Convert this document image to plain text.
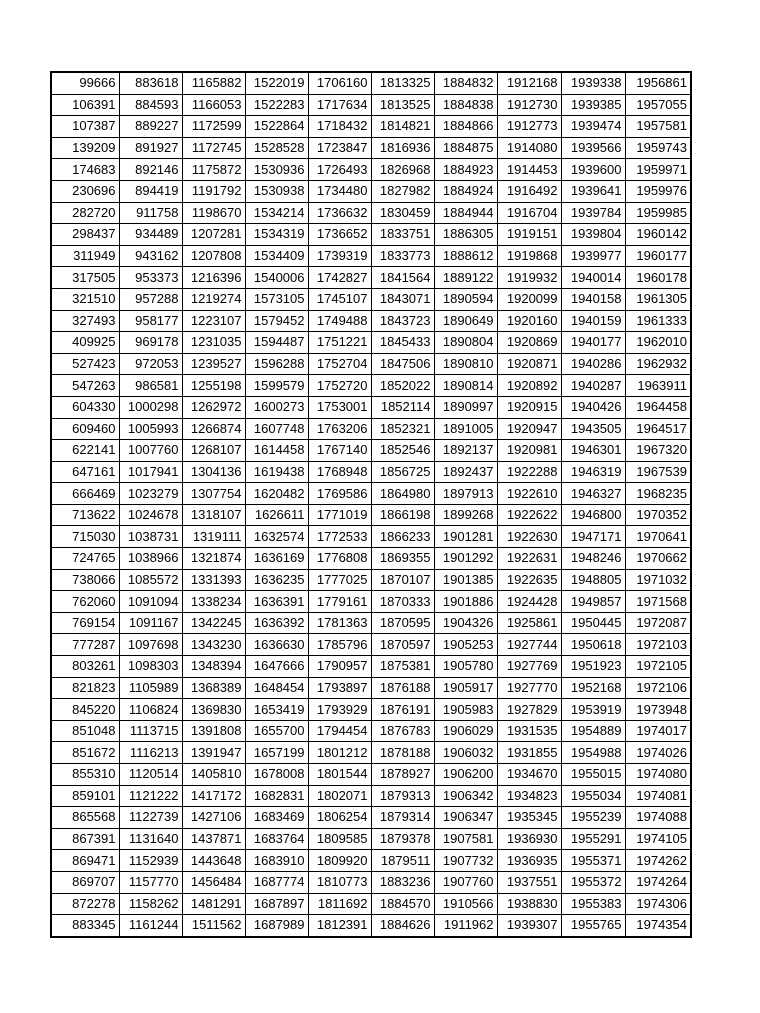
99666	883618	1165882	1522019	1706160	1813325	1884832	1912168	1939338	1956861
106391	884593	1166053	1522283	1717634	1813525	1884838	1912730	1939385	1957055
107387	889227	1172599	1522864	1718432	1814821	1884866	1912773	1939474	1957581
139209	891927	1172745	1528528	1723847	1816936	1884875	1914080	1939566	1959743
174683	892146	1175872	1530936	1726493	1826968	1884923	1914453	1939600	1959971
230696	894419	1191792	1530938	1734480	1827982	1884924	1916492	1939641	1959976
282720	911758	1198670	1534214	1736632	1830459	1884944	1916704	1939784	1959985
298437	934489	1207281	1534319	1736652	1833751	1886305	1919151	1939804	1960142
311949	943162	1207808	1534409	1739319	1833773	1888612	1919868	1939977	1960177
317505	953373	1216396	1540006	1742827	1841564	1889122	1919932	1940014	1960178
321510	957288	1219274	1573105	1745107	1843071	1890594	1920099	1940158	1961305
327493	958177	1223107	1579452	1749488	1843723	1890649	1920160	1940159	1961333
409925	969178	1231035	1594487	1751221	1845433	1890804	1920869	1940177	1962010
527423	972053	1239527	1596288	1752704	1847506	1890810	1920871	1940286	1962932
547263	986581	1255198	1599579	1752720	1852022	1890814	1920892	1940287	1963911
604330	1000298	1262972	1600273	1753001	1852114	1890997	1920915	1940426	1964458
609460	1005993	1266874	1607748	1763206	1852321	1891005	1920947	1943505	1964517
622141	1007760	1268107	1614458	1767140	1852546	1892137	1920981	1946301	1967320
647161	1017941	1304136	1619438	1768948	1856725	1892437	1922288	1946319	1967539
666469	1023279	1307754	1620482	1769586	1864980	1897913	1922610	1946327	1968235
713622	1024678	1318107	1626611	1771019	1866198	1899268	1922622	1946800	1970352
715030	1038731	1319111	1632574	1772533	1866233	1901281	1922630	1947171	1970641
724765	1038966	1321874	1636169	1776808	1869355	1901292	1922631	1948246	1970662
738066	1085572	1331393	1636235	1777025	1870107	1901385	1922635	1948805	1971032
762060	1091094	1338234	1636391	1779161	1870333	1901886	1924428	1949857	1971568
769154	1091167	1342245	1636392	1781363	1870595	1904326	1925861	1950445	1972087
777287	1097698	1343230	1636630	1785796	1870597	1905253	1927744	1950618	1972103
803261	1098303	1348394	1647666	1790957	1875381	1905780	1927769	1951923	1972105
821823	1105989	1368389	1648454	1793897	1876188	1905917	1927770	1952168	1972106
845220	1106824	1369830	1653419	1793929	1876191	1905983	1927829	1953919	1973948
851048	1113715	1391808	1655700	1794454	1876783	1906029	1931535	1954889	1974017
851672	1116213	1391947	1657199	1801212	1878188	1906032	1931855	1954988	1974026
855310	1120514	1405810	1678008	1801544	1878927	1906200	1934670	1955015	1974080
859101	1121222	1417172	1682831	1802071	1879313	1906342	1934823	1955034	1974081
865568	1122739	1427106	1683469	1806254	1879314	1906347	1935345	1955239	1974088
867391	1131640	1437871	1683764	1809585	1879378	1907581	1936930	1955291	1974105
869471	1152939	1443648	1683910	1809920	1879511	1907732	1936935	1955371	1974262
869707	1157770	1456484	1687774	1810773	1883236	1907760	1937551	1955372	1974264
872278	1158262	1481291	1687897	1811692	1884570	1910566	1938830	1955383	1974306
883345	1161244	1511562	1687989	1812391	1884626	1911962	1939307	1955765	1974354
